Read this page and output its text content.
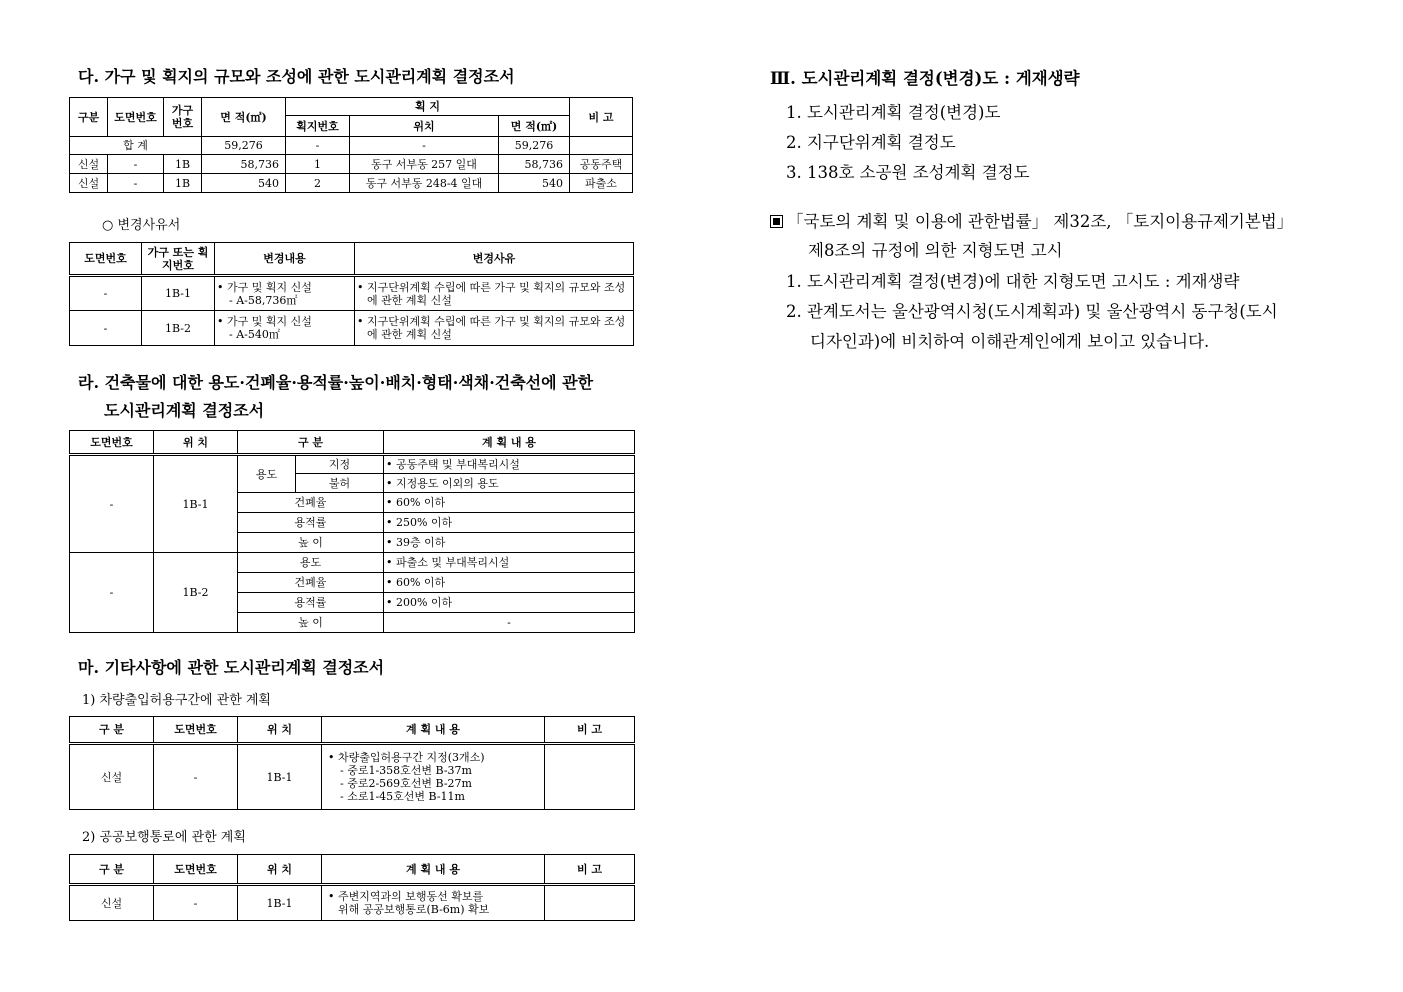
다. 가구 및 획지의 규모와 조성에 관한 도시관리계획 결정조서
구분	도면번호	가구 번호	면 적(㎡)	획 지			비 고
				획지번호	위치	면 적(㎡)	
합 계			59,276	-	-	59,276	
신설	-	1B	58,736	1	동구 서부동 257 일대	58,736	공동주택
신설	-	1B	540	2	동구 서부동 248-4 일대	540	파출소
○ 변경사유서
도면번호	가구 또는 획지번호	변경내용	변경사유
-	1B-1	• 가구 및 획지 신설
- A-58,736㎡	• 지구단위계획 수립에 따른 가구 및 획지의 규모와 조성에 관한 계획 신설
-	1B-2	• 가구 및 획지 신설
- A-540㎡	• 지구단위계획 수립에 따른 가구 및 획지의 규모와 조성에 관한 계획 신설
라. 건축물에 대한 용도·건폐율·용적률·높이·배치·형태·색채·건축선에 관한
도시관리계획 결정조서
도면번호	위 치	구 분		계 획 내 용
-	1B-1	용도	지정	• 공동주택 및 부대복리시설
			불허	• 지정용도 이외의 용도
		건폐율		• 60% 이하
		용적률		• 250% 이하
		높 이		• 39층 이하
-	1B-2	용도		• 파출소 및 부대복리시설
		건폐율		• 60% 이하
		용적률		• 200% 이하
		높 이		-
마. 기타사항에 관한 도시관리계획 결정조서
1) 차량출입허용구간에 관한 계획
구 분	도면번호	위 치	계 획 내 용	비 고
신설	-	1B-1	• 차량출입허용구간 지정(3개소)
- 중로1-358호선변 B-37m
- 중로2-569호선변 B-27m
- 소로1-45호선변 B-11m	

2) 공공보행통로에 관한 계획
구 분	도면번호	위 치	계 획 내 용	비 고
신설	-	1B-1	• 주변지역과의 보행동선 확보를
위해 공공보행통로(B-6m) 확보	

Ⅲ. 도시관리계획 결정(변경)도 : 게재생략
1. 도시관리계획 결정(변경)도
2. 지구단위계획 결정도
3. 138호 소공원 조성계획 결정도
「국토의 계획 및 이용에 관한법률」 제32조, 「토지이용규제기본법」
제8조의 규정에 의한 지형도면 고시
1. 도시관리계획 결정(변경)에 대한 지형도면 고시도 : 게재생략
2. 관계도서는 울산광역시청(도시계획과) 및 울산광역시 동구청(도시
디자인과)에 비치하여 이해관계인에게 보이고 있습니다.
